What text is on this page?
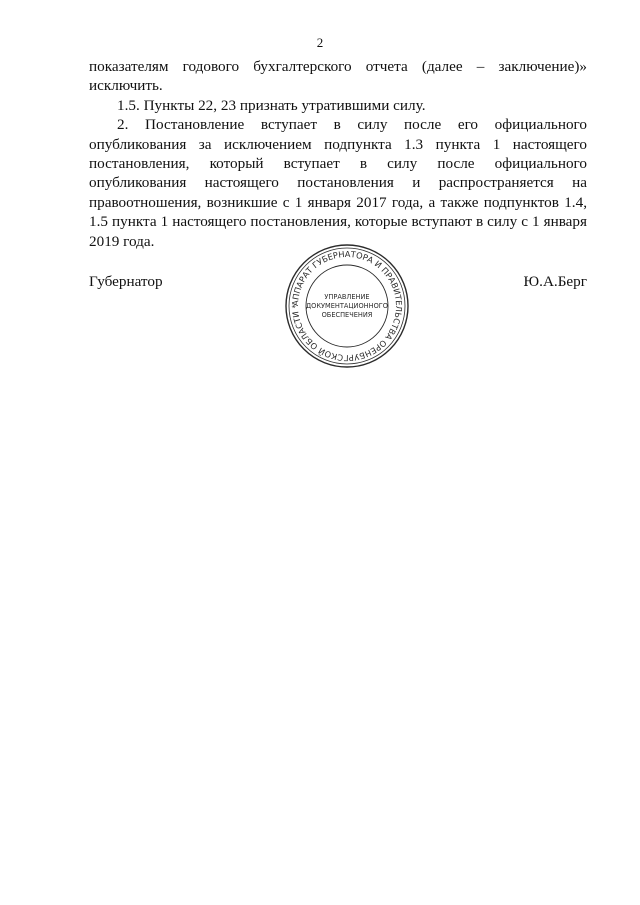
2

показателям годового бухгалтерского отчета (далее – заключение)» исключить.

1.5. Пункты 22, 23 признать утратившими силу.

2. Постановление вступает в силу после его официального опубликования за исключением подпункта 1.3 пункта 1 настоящего постановления, который вступает в силу после официального опубликования настоящего постановления и распространяется на правоотношения, возникшие с 1 января 2017 года, а также подпунктов 1.4, 1.5 пункта 1 настоящего постановления, которые вступают в силу с 1 января 2019 года.

Губернатор
АППАРАТ ГУБЕРНАТОРА И ПРАВИТЕЛЬСТВА ОРЕНБУРГСКОЙ ОБЛАСТИ *
УПРАВЛЕНИЕ
ДОКУМЕНТАЦИОННОГО
ОБЕСПЕЧЕНИЯ
Ю.А.Берг
